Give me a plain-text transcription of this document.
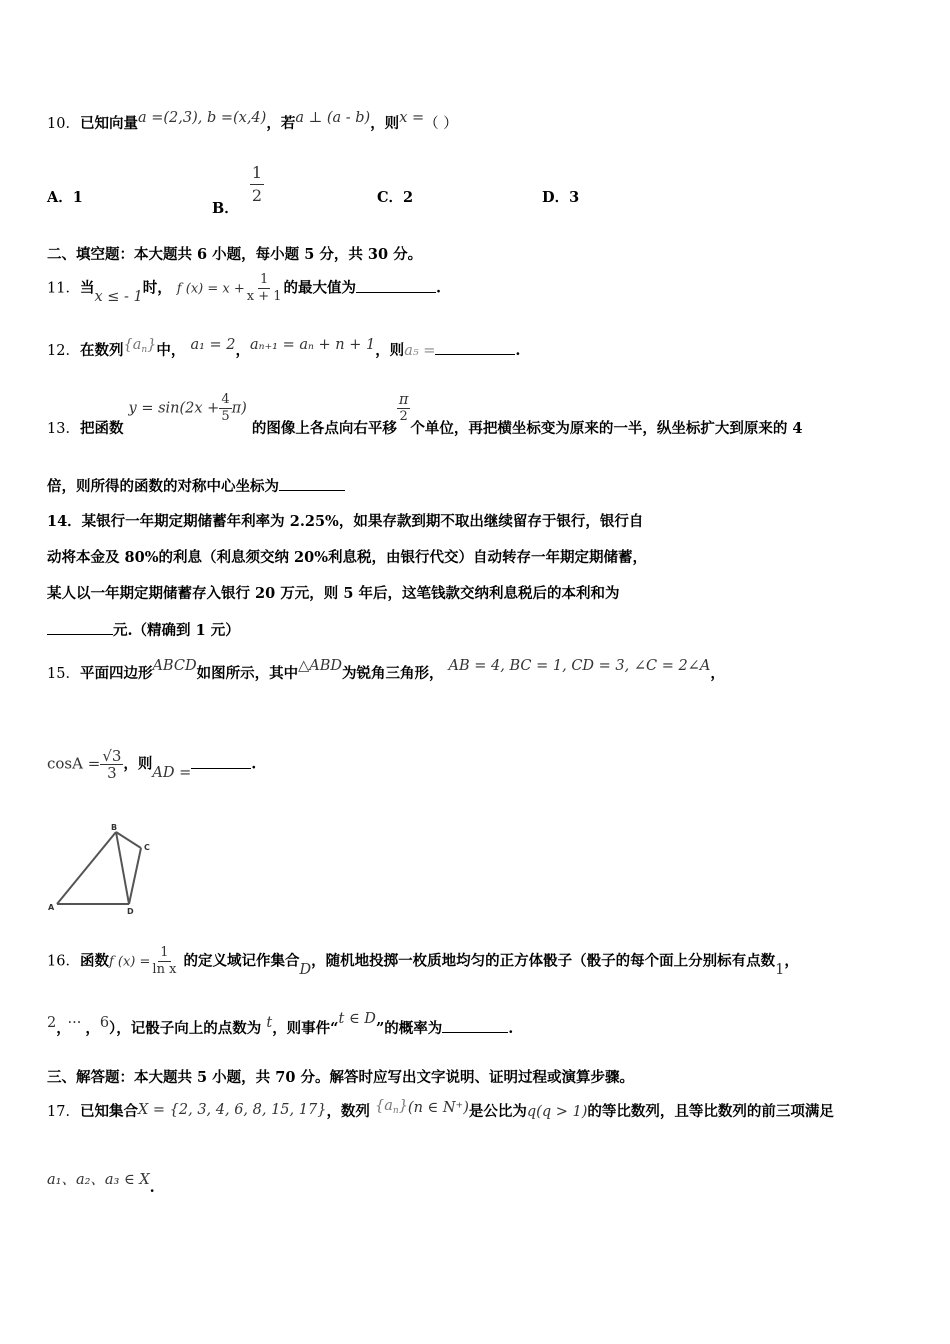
10．已知向量a =(2,3), b =(x,4)，若a ⊥ (a - b)，则x =（ ）
A．1
B．
$\frac{1}{2}$	C．2	D．3
二、填空题：本大题共 6 小题，每小题 5 分，共 30 分。
11．当x ≤ - 1时， f $(x) = x + \frac{1}{x + 1}$ 的最大值为	.
12．在数列$\{a_n\}$中， a₁ = 2，aₙ₊₁ = aₙ + n + 1，则a₅ =	.
13．把函数 $y = \sin(2x + \frac{4}{5} \pi)$ 的图像上各点向右平移
$\frac{\pi}{2}$
个单位，再把横坐标变为原来的一半，纵坐标扩大到原来的 4
倍，则所得的函数的对称中心坐标为
14．某银行一年期定期储蓄年利率为 2.25%，如果存款到期不取出继续留存于银行，银行自
动将本金及 80%的利息（利息须交纳 20%利息税，由银行代交）自动转存一年期定期储蓄，
某人以一年期定期储蓄存入银行 20 万元，则 5 年后，这笔钱款交纳利息税后的本利和为
元.（精确到 1 元）
15．平面四边形ABCD如图所示，其中△ABD为锐角三角形， AB = 4, BC = 1, CD = 3, ∠C = 2∠A，
$\cos A = \frac{√3}{3}$ ，则AD =	.
A
B
C
D
16．函数f $(x) = \frac{1}{\text{ln x}}$ 的定义域记作集合D，随机地投掷一枚质地均匀的正方体骰子（骰子的每个面上分别标有点数1，
2， ··· ，6），记骰子向上的点数为 t，则事件“t ∈ D”的概率为	.
三、解答题：本大题共 5 小题，共 70 分。解答时应写出文字说明、证明过程或演算步骤。
17．已知集合X = {2, 3, 4, 6, 8, 15, 17}，数列 $\{a_n\}(n$ ∈ N⁺)是公比为q(q > 1)的等比数列，且等比数列的前三项满足
a₁、a₂、a₃ ∈ X.
